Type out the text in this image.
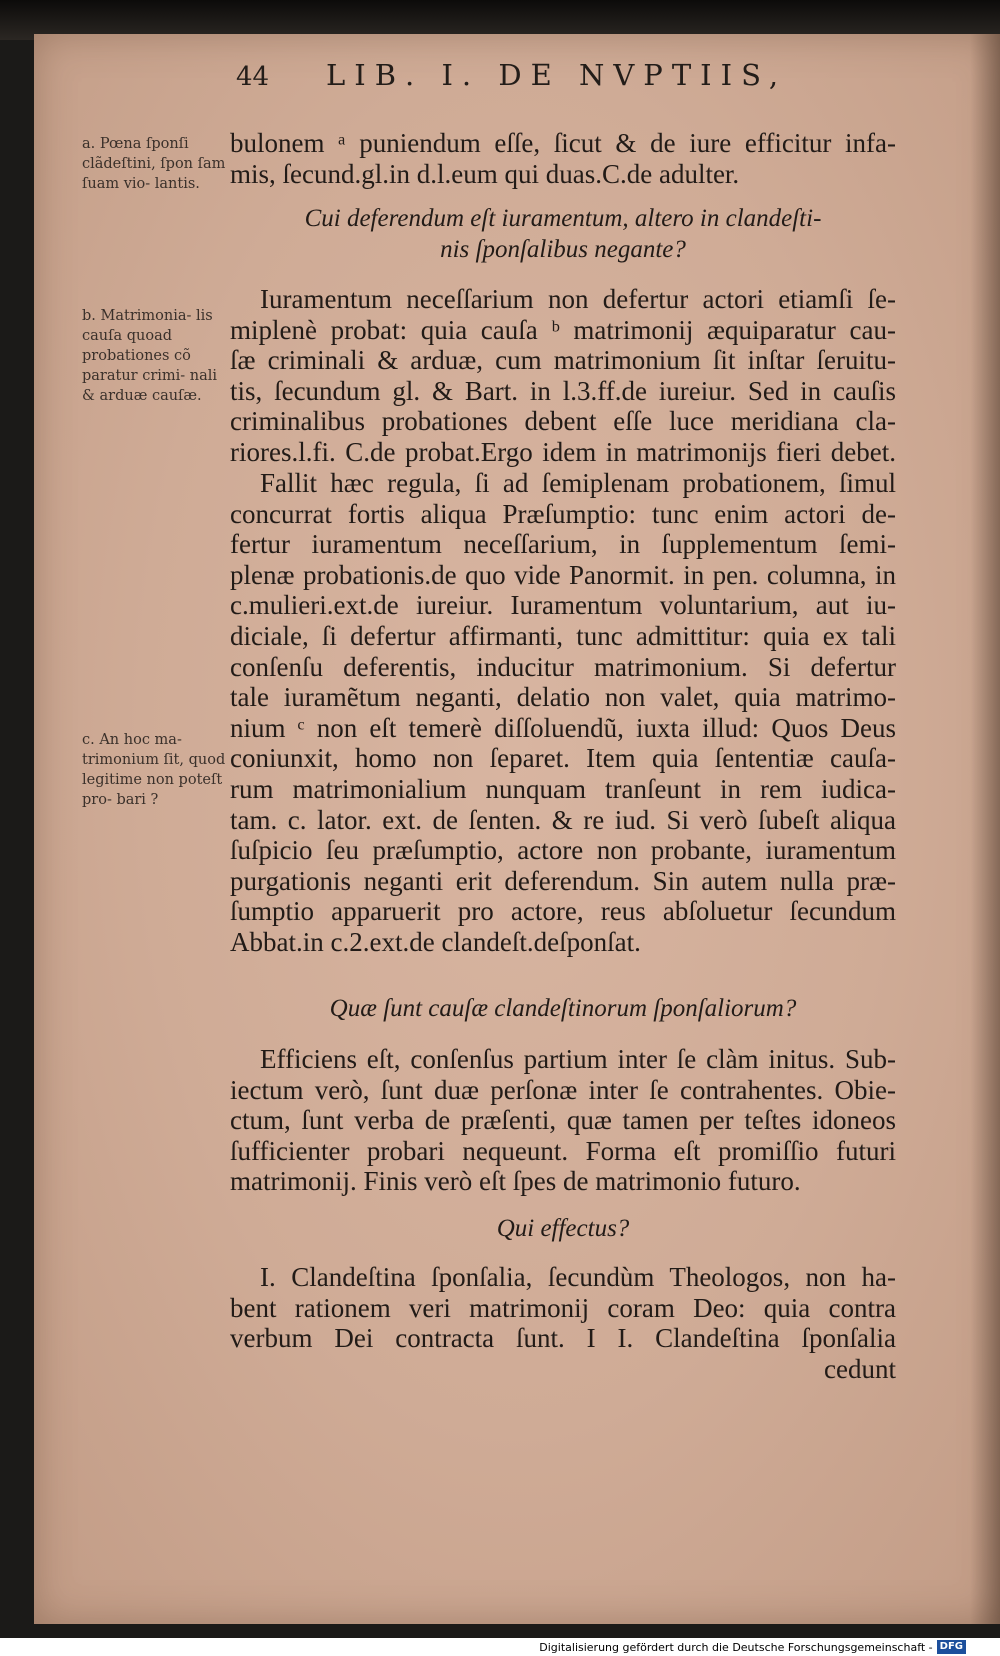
44	LIB. I. DE NVPTIIS,
a. Pœna ſponſi clãdeſtini, ſpon ſam ſuam vio- lantis.
b. Matrimonia- lis cauſa quoad probationes cõ paratur crimi- nali & arduæ cauſæ.
c. An hoc ma- trimonium ſit, quod legitime non poteſt pro- bari ?
bulonem ᵃ puniendum eſſe, ſicut & de iure efficitur infa-
mis, ſecund.gl.in d.l.eum qui duas.C.de adulter.
Cui deferendum eſt iuramentum, altero in clandeſti-
nis ſponſalibus negante?
Iuramentum neceſſarium non defertur actori etiamſi ſe-
miplenè probat: quia cauſa ᵇ matrimonij æquiparatur cau-
ſæ criminali & arduæ, cum matrimonium ſit inſtar ſeruitu-
tis, ſecundum gl. & Bart. in l.3.ff.de iureiur. Sed in cauſis
criminalibus probationes debent eſſe luce meridiana cla-
riores.l.fi. C.de probat.Ergo idem in matrimonijs fieri debet.
Fallit hæc regula, ſi ad ſemiplenam probationem, ſimul
concurrat fortis aliqua Præſumptio: tunc enim actori de-
fertur iuramentum neceſſarium, in ſupplementum ſemi-
plenæ probationis.de quo vide Panormit. in pen. columna, in
c.mulieri.ext.de iureiur. Iuramentum voluntarium, aut iu-
diciale, ſi defertur affirmanti, tunc admittitur: quia ex tali
conſenſu deferentis, inducitur matrimonium. Si defertur
tale iuramẽtum neganti, delatio non valet, quia matrimo-
nium ᶜ non eſt temerè diſſoluendũ, iuxta illud: Quos Deus
coniunxit, homo non ſeparet. Item quia ſententiæ cauſa-
rum matrimonialium nunquam tranſeunt in rem iudica-
tam. c. lator. ext. de ſenten. & re iud. Si verò ſubeſt aliqua
ſuſpicio ſeu præſumptio, actore non probante, iuramentum
purgationis neganti erit deferendum. Sin autem nulla præ-
ſumptio apparuerit pro actore, reus abſoluetur ſecundum
Abbat.in c.2.ext.de clandeſt.deſponſat.
Quæ ſunt cauſæ clandeſtinorum ſponſaliorum?
Efficiens eſt, conſenſus partium inter ſe clàm initus. Sub-
iectum verò, ſunt duæ perſonæ inter ſe contrahentes. Obie-
ctum, ſunt verba de præſenti, quæ tamen per teſtes idoneos
ſufficienter probari nequeunt. Forma eſt promiſſio futuri
matrimonij. Finis verò eſt ſpes de matrimonio futuro.
Qui effectus?
I. Clandeſtina ſponſalia, ſecundùm Theologos, non ha-
bent rationem veri matrimonij coram Deo: quia contra
verbum Dei contracta ſunt. I I. Clandeſtina ſponſalia
cedunt
Digitalisierung gefördert durch die Deutsche Forschungsgemeinschaft - DFG
